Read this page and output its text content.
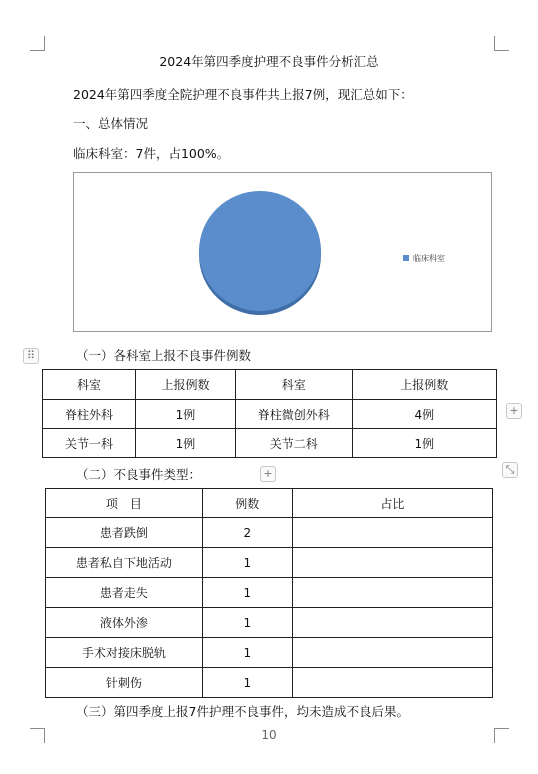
2024年第四季度护理不良事件分析汇总
2024年第四季度全院护理不良事件共上报7例，现汇总如下：
一、总体情况
临床科室：7件，占100%。
临床科室
⠿	（一）各科室上报不良事件例数
科室	上报例数	科室	上报例数
脊柱外科	1例	脊柱微创外科	4例
关节一科	1例	关节二科	1例
+
⤡
（二）不良事件类型：	+
项　目	例数	占比
患者跌倒	2	
患者私自下地活动	1	
患者走失	1	
液体外渗	1	
手术对接床脱轨	1	
针刺伤	1	
（三）第四季度上报7件护理不良事件，均未造成不良后果。
10
